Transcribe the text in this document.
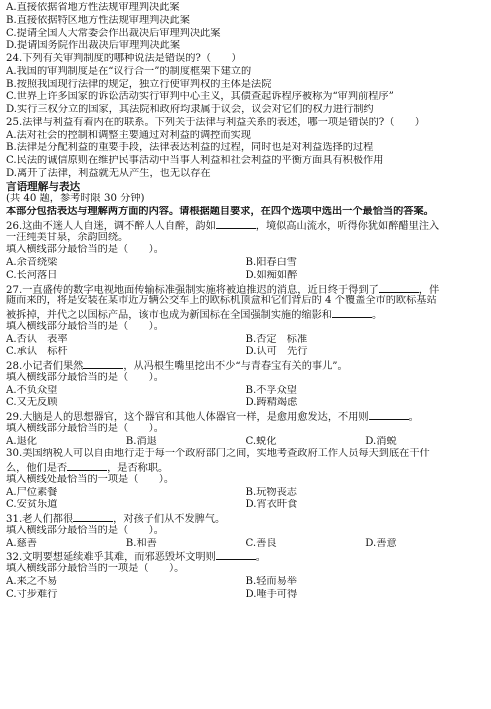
A.直接依据省地方性法规审理判决此案
B.直接依据特区地方性法规审理判决此案
C.提请全国人大常委会作出裁决后审理判决此案
D.提请国务院作出裁决后审理判决此案
24.下列有关审判制度的哪种说法是错误的?（　　）
A.我国的审判制度是在“议行合一”的制度框架下建立的
B.按照我国现行法律的规定，独立行使审判权的主体是法院
C.世界上许多国家的诉讼活动实行审判中心主义，其债查起诉程序被称为“审判前程序”
D.实行三权分立的国家，其法院和政府均隶属于议会，议会对它们的权力进行制约
25.法律与利益有着内在的联系。下列关于法律与利益关系的表述，哪一项是错误的?（　　）
A.法对社会的控制和调整主要通过对利益的调控而实现
B.法律是分配利益的重要手段，法律表达利益的过程，同时也是对利益选择的过程
C.民法的诚信原则在维护民事活动中当事人利益和社会利益的平衡方面具有积极作用
D.离开了法律，利益就无从产生，也无以存在
言语理解与表达
(共 40 题，参考时限 30 分钟)
本部分包括表达与理解两方面的内容。请根据题目要求，在四个选项中选出一个最恰当的答案。
26.这曲不迷人人自迷，调不醉人人自醉，韵如	，境似高山流水，听得你犹如醉醋里注入
一汪纯美甘泉，余韵回绕。
填入横线部分最恰当的是（　　）。
A.余音绕梁	B.阳春白雪
C.长河落日	D.如痴如醉
27.一直盛传的数字电视地面传输标准强制实施将被迫推迟的消息，近日终于得到了	，伴
随而来的，将是安装在某市近万辆公交车上的欧标机顶盒和它们背后的 4 个覆盖全市的欧标基站
被拆掉，并代之以国标产品，该市也成为新国标在全国强制实施的缩影和	。
填入横线部分最恰当的是（　　）。
A.否认　表率	B.否定　标准
C.承认　标杆	D.认可　先行
28.小记者们果然	，从冯根生嘴里挖出不少“与青春宝有关的事儿”。
填入横线部分最恰当的是（　　）。
A.不负众望	B.不孚众望
C.又无反顾	D.踌精竭虑
29.大脑是人的思想器官，这个器官和其他人体器官一样，是愈用愈发达，不用则	。
填入横线部分最恰当的是（　　）。
A.退化	B.消退	C.蜕化	D.消蜕
30.美国纳税人可以自由地行走于每一个政府部门之间，实地考查政府工作人员每天到底在干什
么，他们是否	，是否称职。
填入横线处最恰当的一项是（　　）。
A.尸位素餐	B.玩物丧志
C.安贫乐道	D.宵衣旰食
31.老人们都很	，对孩子们从不发脾气。
填入横线部分最恰当的是（　　）。
A.慈善	B.和善	C.善良	D.善意
32.文明要想延续难乎其难，而邪恶毁坏文明则	。
填入横线部分最恰当的一项是（　　）。
A.来之不易	B.轻而易举
C.寸步难行	D.唾手可得
